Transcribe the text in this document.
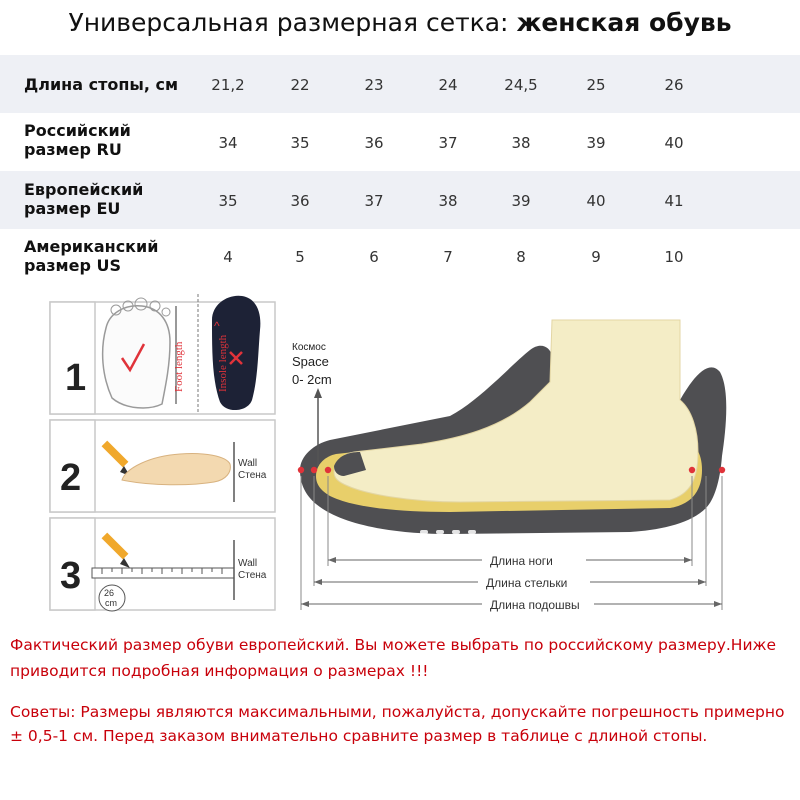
Универсальная размерная сетка: женская обувь
Длина стопы, см	21,2	22	23	24	24,5	25	26
Российский
размер RU	34	35	36	37	38	39	40
Европейский
размер EU	35	36	37	38	39	40	41
Американский
размер US	4	5	6	7	8	9	10
1	Foot length	Insole length
^
2	Wall
Стена
3	Wall
Стена
26
cm
Космос
Space
0- 2cm
Длина ноги
Длина стельки
Длина подошвы
Фактический размер обуви европейский. Вы можете выбрать по российскому размеру.Ниже приводится подробная информация о размерах !!!
Советы: Размеры являются максимальными, пожалуйста, допускайте погрешность примерно ± 0,5-1 см. Перед заказом внимательно сравните размер в таблице с длиной стопы.
